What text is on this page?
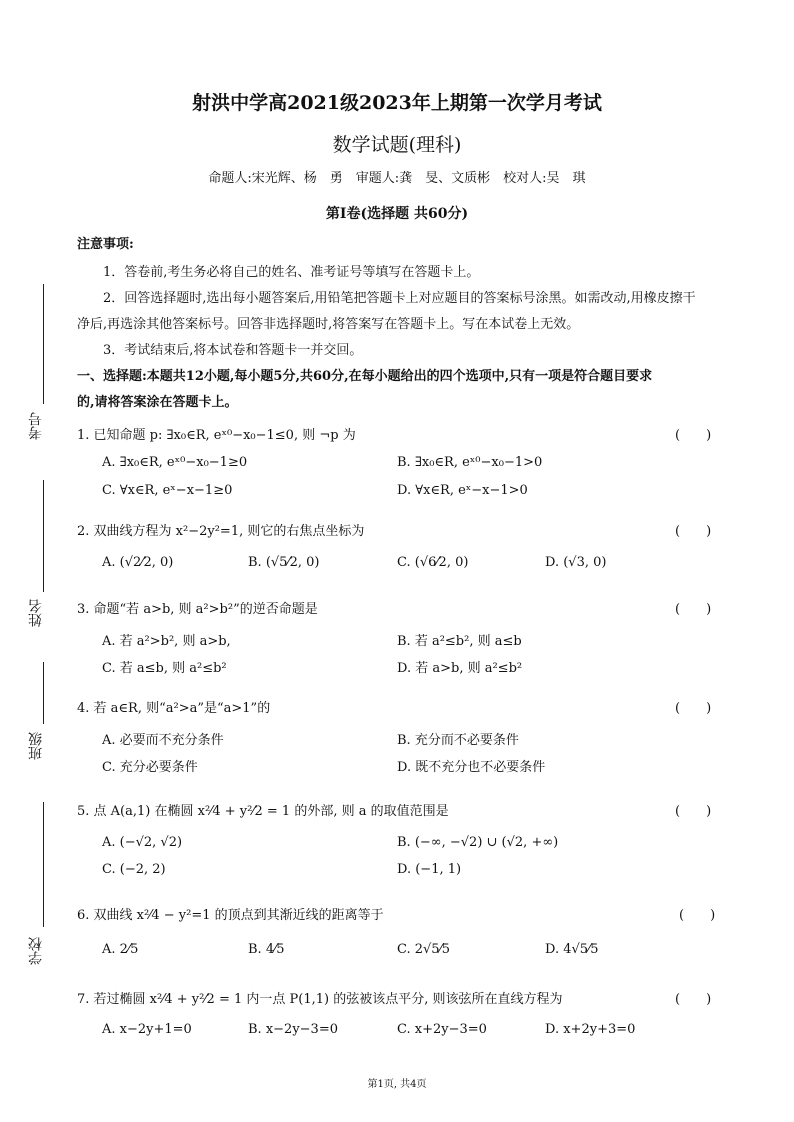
射洪中学高2021级2023年上期第一次学月考试
数学试题(理科)
命题人:宋光辉、杨　勇　审题人:龚　旻、文质彬　校对人:吴　琪
第Ⅰ卷(选择题 共60分)
注意事项:
1．答卷前,考生务必将自己的姓名、准考证号等填写在答题卡上。
2．回答选择题时,选出每小题答案后,用铅笔把答题卡上对应题目的答案标号涂黑。如需改动,用橡皮擦干
净后,再选涂其他答案标号。回答非选择题时,将答案写在答题卡上。写在本试卷上无效。
3．考试结束后,将本试卷和答题卡一并交回。
一、选择题:本题共12小题,每小题5分,共60分,在每小题给出的四个选项中,只有一项是符合题目要求
的,请将答案涂在答题卡上。
1. 已知命题 p: ∃x₀∈R, eˣ⁰−x₀−1≤0, 则 ¬p 为	(　　)
A. ∃x₀∈R, eˣ⁰−x₀−1≥0	B. ∃x₀∈R, eˣ⁰−x₀−1>0
C. ∀x∈R, eˣ−x−1≥0	D. ∀x∈R, eˣ−x−1>0
2. 双曲线方程为 x²−2y²=1, 则它的右焦点坐标为	(　　)
A. (√2⁄2, 0)	B. (√5⁄2, 0)	C. (√6⁄2, 0)	D. (√3, 0)
3. 命题“若 a>b, 则 a²>b²”的逆否命题是	(　　)
A. 若 a²>b², 则 a>b,	B. 若 a²≤b², 则 a≤b
C. 若 a≤b, 则 a²≤b²	D. 若 a>b, 则 a²≤b²
4. 若 a∈R, 则“a²>a”是“a>1”的	(　　)
A. 必要而不充分条件	B. 充分而不必要条件
C. 充分必要条件	D. 既不充分也不必要条件
5. 点 A(a,1) 在椭圆 x²⁄4 + y²⁄2 = 1 的外部, 则 a 的取值范围是	(　　)
A. (−√2, √2)	B. (−∞, −√2) ∪ (√2, +∞)
C. (−2, 2)	D. (−1, 1)
6. 双曲线 x²⁄4 − y²=1 的顶点到其渐近线的距离等于	(　　)
A. 2⁄5	B. 4⁄5	C. 2√5⁄5	D. 4√5⁄5
7. 若过椭圆 x²⁄4 + y²⁄2 = 1 内一点 P(1,1) 的弦被该点平分, 则该弦所在直线方程为	(　　)
A. x−2y+1=0	B. x−2y−3=0	C. x+2y−3=0	D. x+2y+3=0
考号
姓名
班级
学校
第1页, 共4页
